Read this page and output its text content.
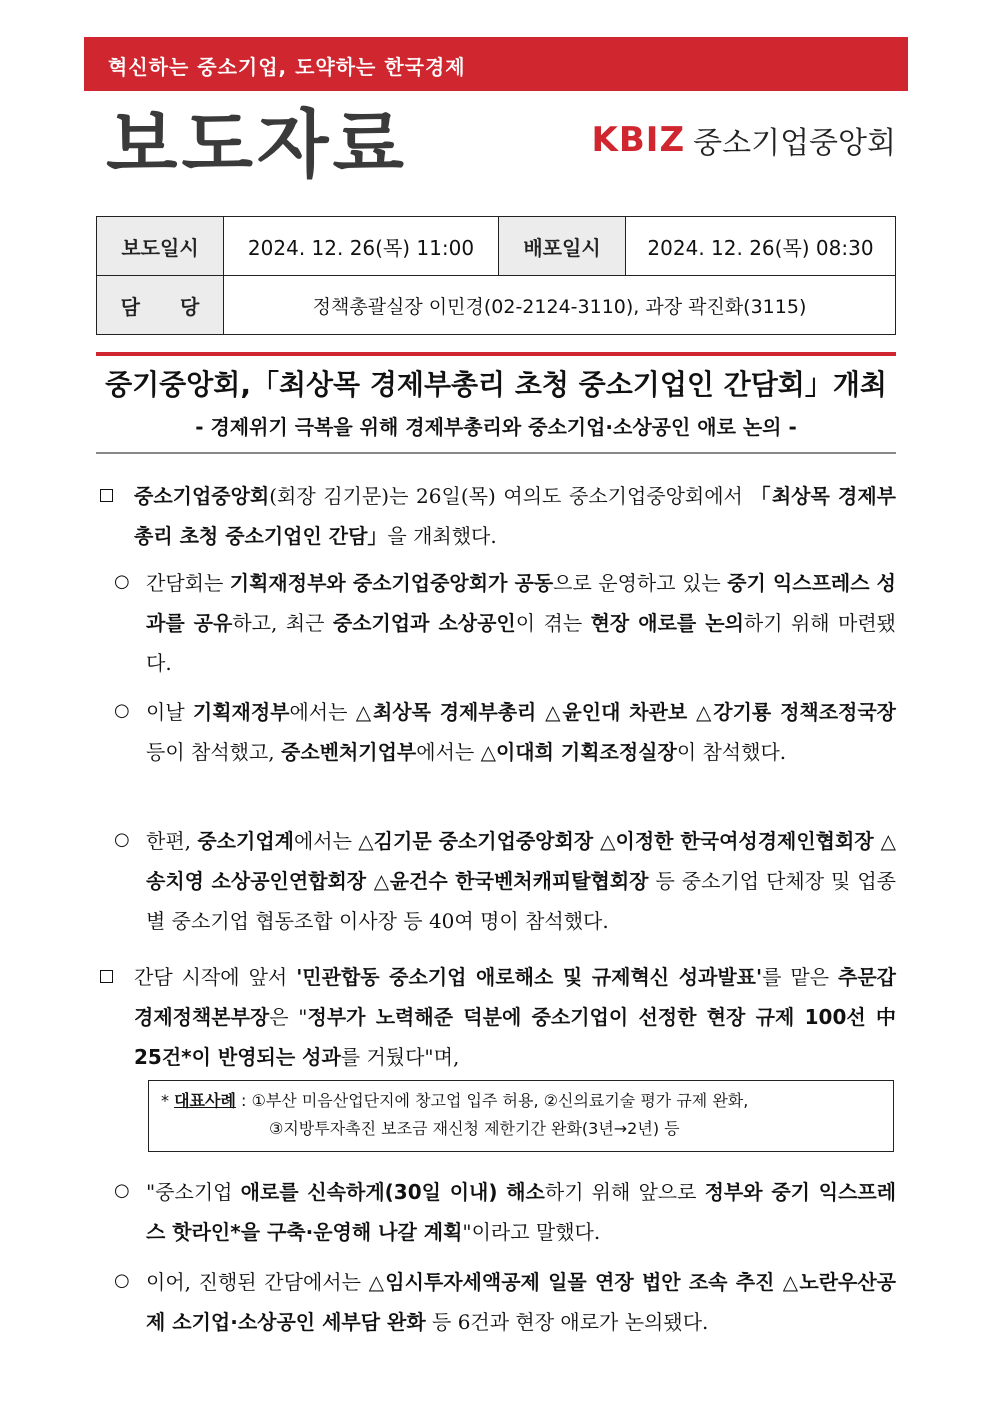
혁신하는 중소기업, 도약하는 한국경제
보도자료	KBIZ 중소기업중앙회
보도일시	2024. 12. 26(목) 11:00	배포일시	2024. 12. 26(목) 08:30
담　　당	정책총괄실장 이민경(02-2124-3110), 과장 곽진화(3115)		
중기중앙회,「최상목 경제부총리 초청 중소기업인 간담회」개최
- 경제위기 극복을 위해 경제부총리와 중소기업·소상공인 애로 논의 -
중소기업중앙회(회장 김기문)는 26일(목) 여의도 중소기업중앙회에서 「최상목 경제부총리 초청 중소기업인 간담」을 개최했다.
○ 간담회는 기획재정부와 중소기업중앙회가 공동으로 운영하고 있는 중기 익스프레스 성과를 공유하고, 최근 중소기업과 소상공인이 겪는 현장 애로를 논의하기 위해 마련됐다.
○ 이날 기획재정부에서는 △최상목 경제부총리 △윤인대 차관보 △강기룡 정책조정국장 등이 참석했고, 중소벤처기업부에서는 △이대희 기획조정실장이 참석했다.
○ 한편, 중소기업계에서는 △김기문 중소기업중앙회장 △이정한 한국여성경제인협회장 △송치영 소상공인연합회장 △윤건수 한국벤처캐피탈협회장 등 중소기업 단체장 및 업종별 중소기업 협동조합 이사장 등 40여 명이 참석했다.
간담 시작에 앞서 '민관합동 중소기업 애로해소 및 규제혁신 성과발표'를 맡은 추문갑 경제정책본부장은 "정부가 노력해준 덕분에 중소기업이 선정한 현장 규제 100선 中 25건*이 반영되는 성과를 거뒀다"며,
* 대표사례 : ①부산 미음산업단지에 창고업 입주 허용, ②신의료기술 평가 규제 완화,
③지방투자촉진 보조금 재신청 제한기간 완화(3년→2년) 등
○ "중소기업 애로를 신속하게(30일 이내) 해소하기 위해 앞으로 정부와 중기 익스프레스 핫라인*을 구축·운영해 나갈 계획"이라고 말했다.
○ 이어, 진행된 간담에서는 △임시투자세액공제 일몰 연장 법안 조속 추진 △노란우산공제 소기업·소상공인 세부담 완화 등 6건과 현장 애로가 논의됐다.
